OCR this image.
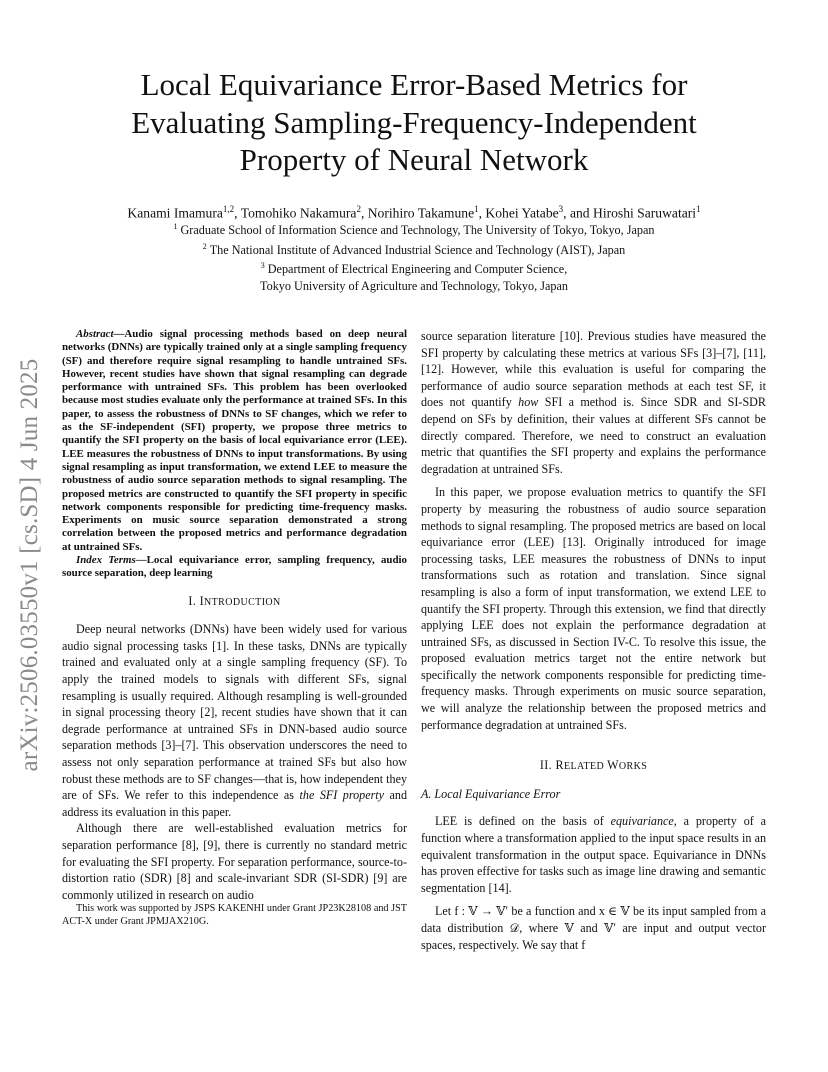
arXiv:2506.03550v1 [cs.SD] 4 Jun 2025
Local Equivariance Error-Based Metrics for
Evaluating Sampling-Frequency-Independent
Property of Neural Network
Kanami Imamura$^{1,2}$, Tomohiko Nakamura$^2$, Norihiro Takamune$^1$, Kohei Yatabe$^3$, and Hiroshi Saruwatari$^1$
$^1$ Graduate School of Information Science and Technology, The University of Tokyo, Tokyo, Japan
$^2$ The National Institute of Advanced Industrial Science and Technology (AIST), Japan
$^3$ Department of Electrical Engineering and Computer Science,
Tokyo University of Agriculture and Technology, Tokyo, Japan

Abstract—Audio signal processing methods based on deep neural networks (DNNs) are typically trained only at a single sampling frequency (SF) and therefore require signal resampling to handle untrained SFs. However, recent studies have shown that signal resampling can degrade performance with untrained SFs. This problem has been overlooked because most studies evaluate only the performance at trained SFs. In this paper, to assess the robustness of DNNs to SF changes, which we refer to as the SF-independent (SFI) property, we propose three metrics to quantify the SFI property on the basis of local equivariance error (LEE). LEE measures the robustness of DNNs to input transformations. By using signal resampling as input transformation, we extend LEE to measure the robustness of audio source separation methods to signal resampling. The proposed metrics are constructed to quantify the SFI property in specific network components responsible for predicting time-frequency masks. Experiments on music source separation demonstrated a strong correlation between the proposed metrics and performance degradation at untrained SFs.

Index Terms—Local equivariance error, sampling frequency, audio source separation, deep learning

I. INTRODUCTION

Deep neural networks (DNNs) have been widely used for various audio signal processing tasks [1]. In these tasks, DNNs are typically trained and evaluated only at a single sampling frequency (SF). To apply the trained models to signals with different SFs, signal resampling is usually required. Although resampling is well-grounded in signal processing theory [2], recent studies have shown that it can degrade performance at untrained SFs in DNN-based audio source separation methods [3]–[7]. This observation underscores the need to assess not only separation performance at trained SFs but also how robust these methods are to SF changes—that is, how independent they are of SFs. We refer to this independence as the SFI property and address its evaluation in this paper.

Although there are well-established evaluation metrics for separation performance [8], [9], there is currently no standard metric for evaluating the SFI property. For separation performance, source-to-distortion ratio (SDR) [8] and scale-invariant SDR (SI-SDR) [9] are commonly utilized in research on audio

This work was supported by JSPS KAKENHI under Grant JP23K28108 and JST ACT-X under Grant JPMJAX210G.

source separation literature [10]. Previous studies have measured the SFI property by calculating these metrics at various SFs [3]–[7], [11], [12]. However, while this evaluation is useful for comparing the performance of audio source separation methods at each test SF, it does not quantify how SFI a method is. Since SDR and SI-SDR depend on SFs by definition, their values at different SFs cannot be directly compared. Therefore, we need to construct an evaluation metric that quantifies the SFI property and explains the performance degradation at untrained SFs.

In this paper, we propose evaluation metrics to quantify the SFI property by measuring the robustness of audio source separation methods to signal resampling. The proposed metrics are based on local equivariance error (LEE) [13]. Originally introduced for image processing tasks, LEE measures the robustness of DNNs to input transformations such as rotation and translation. Since signal resampling is also a form of input transformation, we extend LEE to quantify the SFI property. Through this extension, we find that directly applying LEE does not explain the performance degradation at untrained SFs, as discussed in Section IV-C. To resolve this issue, the proposed evaluation metrics target not the entire network but specifically the network components responsible for predicting time-frequency masks. Through experiments on music source separation, we will analyze the relationship between the proposed metrics and performance degradation at untrained SFs.

II. RELATED WORKS
A. Local Equivariance Error

LEE is defined on the basis of equivariance, a property of a function where a transformation applied to the input space results in an equivalent transformation in the output space. Equivariance in DNNs has proven effective for tasks such as image line drawing and semantic segmentation [14].

Let f : 𝕍 → 𝕍′ be a function and x ∈ 𝕍 be its input sampled from a data distribution 𝒟, where 𝕍 and 𝕍′ are input and output vector spaces, respectively. We say that f
